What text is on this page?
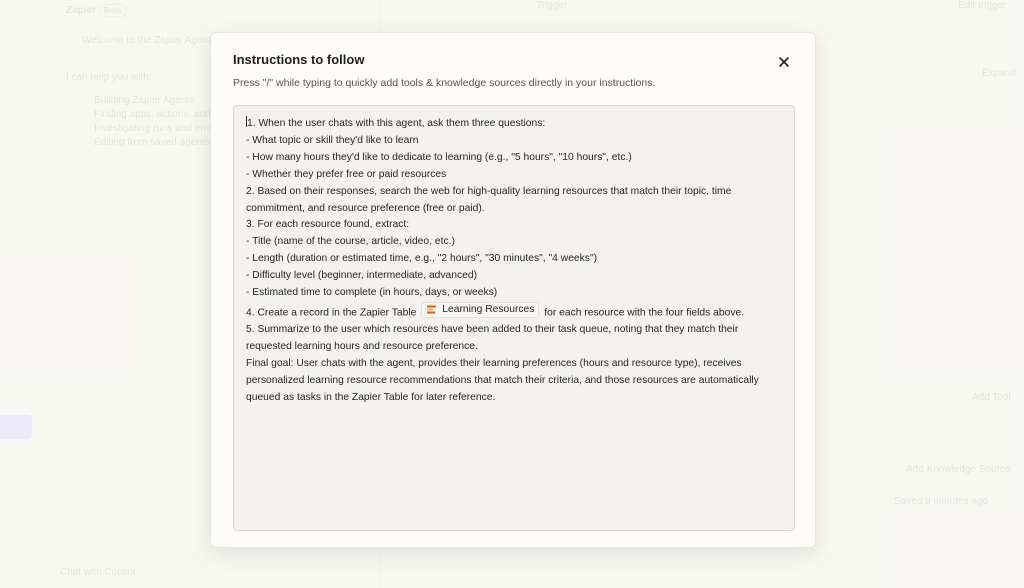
Instructions to follow
Press "/" while typing to quickly add tools & knowledge sources directly in your instructions.
1. When the user chats with this agent, ask them three questions:
- What topic or skill they'd like to learn
- How many hours they'd like to dedicate to learning (e.g., "5 hours", "10 hours", etc.)
- Whether they prefer free or paid resources
2. Based on their responses, search the web for high-quality learning resources that match their topic, time
commitment, and resource preference (free or paid).
3. For each resource found, extract:
- Title (name of the course, article, video, etc.)
- Length (duration or estimated time, e.g., "2 hours", "30 minutes", "4 weeks")
- Difficulty level (beginner, intermediate, advanced)
- Estimated time to complete (in hours, days, or weeks)
4. Create a record in the Zapier Table	Learning Resources for each resource with the four fields above.
5. Summarize to the user which resources have been added to their task queue, noting that they match their
requested learning hours and resource preference.
Final goal: User chats with the agent, provides their learning preferences (hours and resource type), receives
personalized learning resource recommendations that match their criteria, and those resources are automatically
queued as tasks in the Zapier Table for later reference.
